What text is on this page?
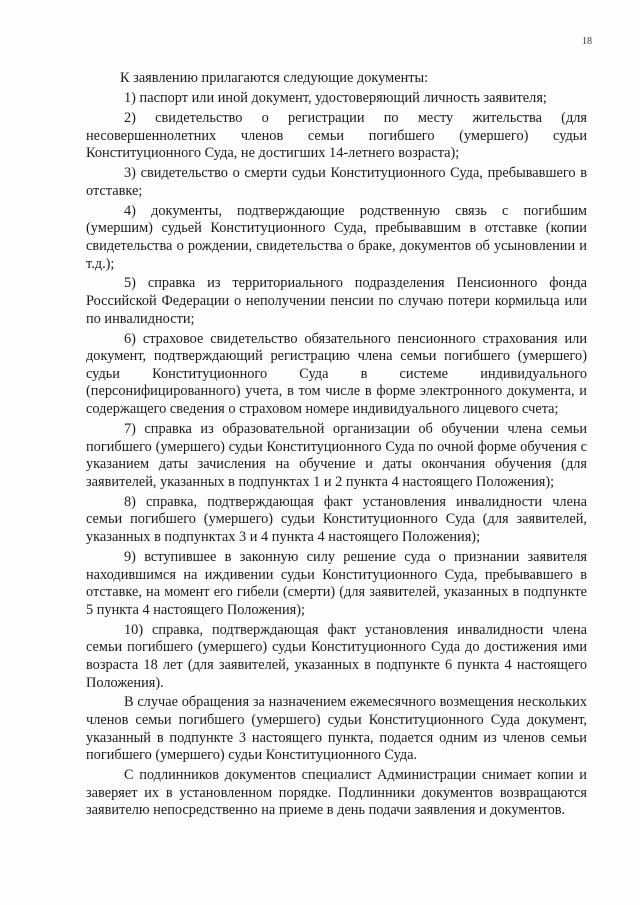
18

К заявлению прилагаются следующие документы:

1) паспорт или иной документ, удостоверяющий личность заявителя;

2) свидетельство о регистрации по месту жительства (для несовершеннолетних членов семьи погибшего (умершего) судьи Конституционного Суда, не достигших 14-летнего возраста);

3) свидетельство о смерти судьи Конституционного Суда, пребывавшего в отставке;

4) документы, подтверждающие родственную связь с погибшим (умершим) судьей Конституционного Суда, пребывавшим в отставке (копии свидетельства о рождении, свидетельства о браке, документов об усыновлении и т.д.);

5) справка из территориального подразделения Пенсионного фонда Российской Федерации о неполучении пенсии по случаю потери кормильца или по инвалидности;

6) страховое свидетельство обязательного пенсионного страхования или документ, подтверждающий регистрацию члена семьи погибшего (умершего) судьи Конституционного Суда в системе индивидуального (персонифицированного) учета, в том числе в форме электронного документа, и содержащего сведения о страховом номере индивидуального лицевого счета;

7) справка из образовательной организации об обучении члена семьи погибшего (умершего) судьи Конституционного Суда по очной форме обучения с указанием даты зачисления на обучение и даты окончания обучения (для заявителей, указанных в подпунктах 1 и 2 пункта 4 настоящего Положения);

8) справка, подтверждающая факт установления инвалидности члена семьи погибшего (умершего) судьи Конституционного Суда (для заявителей, указанных в подпунктах 3 и 4 пункта 4 настоящего Положения);

9) вступившее в законную силу решение суда о признании заявителя находившимся на иждивении судьи Конституционного Суда, пребывавшего в отставке, на момент его гибели (смерти) (для заявителей, указанных в подпункте 5 пункта 4 настоящего Положения);

10) справка, подтверждающая факт установления инвалидности члена семьи погибшего (умершего) судьи Конституционного Суда до достижения ими возраста 18 лет (для заявителей, указанных в подпункте 6 пункта 4 настоящего Положения).

В случае обращения за назначением ежемесячного возмещения нескольких членов семьи погибшего (умершего) судьи Конституционного Суда документ, указанный в подпункте 3 настоящего пункта, подается одним из членов семьи погибшего (умершего) судьи Конституционного Суда.

С подлинников документов специалист Администрации снимает копии и заверяет их в установленном порядке. Подлинники документов возвращаются заявителю непосредственно на приеме в день подачи заявления и документов.
